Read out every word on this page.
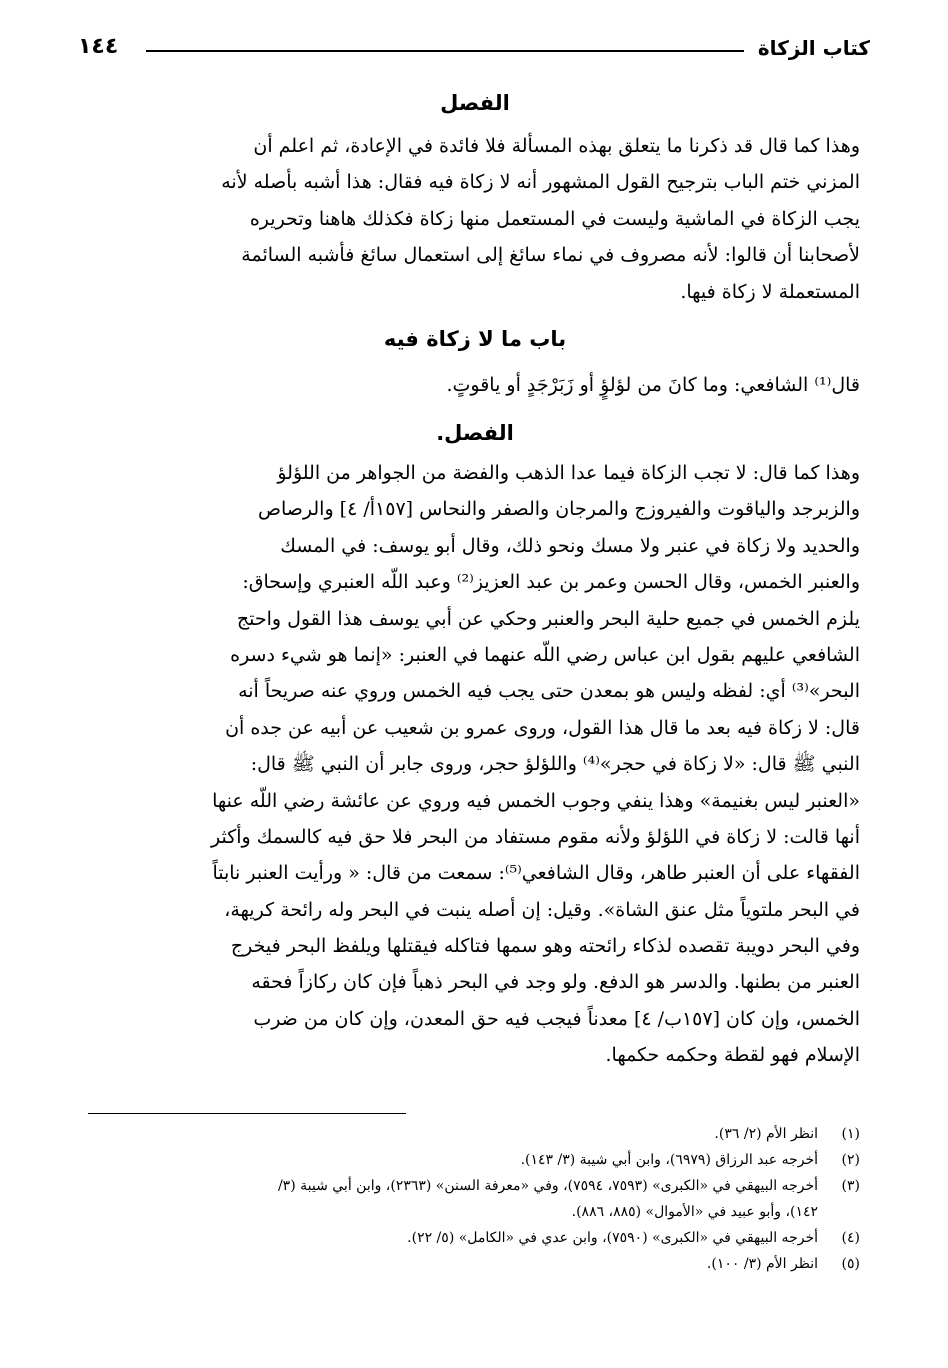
كتاب الزكاة
١٤٤
الفصل
وهذا كما قال قد ذكرنا ما يتعلق بهذه المسألة فلا فائدة في الإعادة، ثم اعلم أن
المزني ختم الباب بترجيح القول المشهور أنه لا زكاة فيه فقال: هذا أشبه بأصله لأنه
يجب الزكاة في الماشية وليست في المستعمل منها زكاة فكذلك هاهنا وتحريره
لأصحابنا أن قالوا: لأنه مصروف في نماء سائغ إلى استعمال سائغ فأشبه السائمة
المستعملة لا زكاة فيها.
باب ما لا زكاة فيه
قال⁽¹⁾ الشافعي: وما كانَ من لؤلؤٍ أو زَبَرْجَدٍ أو ياقوتٍ.
الفصل.
وهذا كما قال: لا تجب الزكاة فيما عدا الذهب والفضة من الجواهر من اللؤلؤ
والزبرجد والياقوت والفيروزج والمرجان والصفر والنحاس [١٥٧أ/ ٤] والرصاص
والحديد ولا زكاة في عنبر ولا مسك ونحو ذلك، وقال أبو يوسف: في المسك
والعنبر الخمس، وقال الحسن وعمر بن عبد العزيز⁽²⁾ وعبد اللّه العنبري وإسحاق:
يلزم الخمس في جميع حلية البحر والعنبر وحكي عن أبي يوسف هذا القول واحتج
الشافعي عليهم بقول ابن عباس رضي اللّه عنهما في العنبر: «إنما هو شيء دسره
البحر»⁽³⁾ أي: لفظه وليس هو بمعدن حتى يجب فيه الخمس وروي عنه صريحاً أنه
قال: لا زكاة فيه بعد ما قال هذا القول، وروى عمرو بن شعيب عن أبيه عن جده أن
النبي ﷺ قال: «لا زكاة في حجر»⁽⁴⁾ واللؤلؤ حجر، وروى جابر أن النبي ﷺ قال:
«العنبر ليس بغنيمة» وهذا ينفي وجوب الخمس فيه وروي عن عائشة رضي اللّه عنها
أنها قالت: لا زكاة في اللؤلؤ ولأنه مقوم مستفاد من البحر فلا حق فيه كالسمك وأكثر
الفقهاء على أن العنبر طاهر، وقال الشافعي⁽⁵⁾: سمعت من قال: « ورأيت العنبر نابتاً
في البحر ملتوياً مثل عنق الشاة». وقيل: إن أصله ينبت في البحر وله رائحة كريهة،
وفي البحر دويبة تقصده لذكاء رائحته وهو سمها فتاكله فيقتلها ويلفظ البحر فيخرج
العنبر من بطنها. والدسر هو الدفع. ولو وجد في البحر ذهباً فإن كان ركازاً فحقه
الخمس، وإن كان [١٥٧ب/ ٤] معدناً فيجب فيه حق المعدن، وإن كان من ضرب
الإسلام فهو لقطة وحكمه حكمها.
(١)
انظر الأم (٢/ ٣٦).
(٢)
أخرجه عبد الرزاق (٦٩٧٩)، وابن أبي شيبة (٣/ ١٤٣).
(٣)
أخرجه البيهقي في «الكبرى» (٧٥٩٣، ٧٥٩٤)، وفي «معرفة السنن» (٢٣٦٣)، وابن أبي شيبة (٣/
١٤٢)، وأبو عبيد في «الأموال» (٨٨٥، ٨٨٦).
(٤)
أخرجه البيهقي في «الكبرى» (٧٥٩٠)، وابن عدي في «الكامل» (٥/ ٢٢).
(٥)
انظر الأم (٣/ ١٠٠).
